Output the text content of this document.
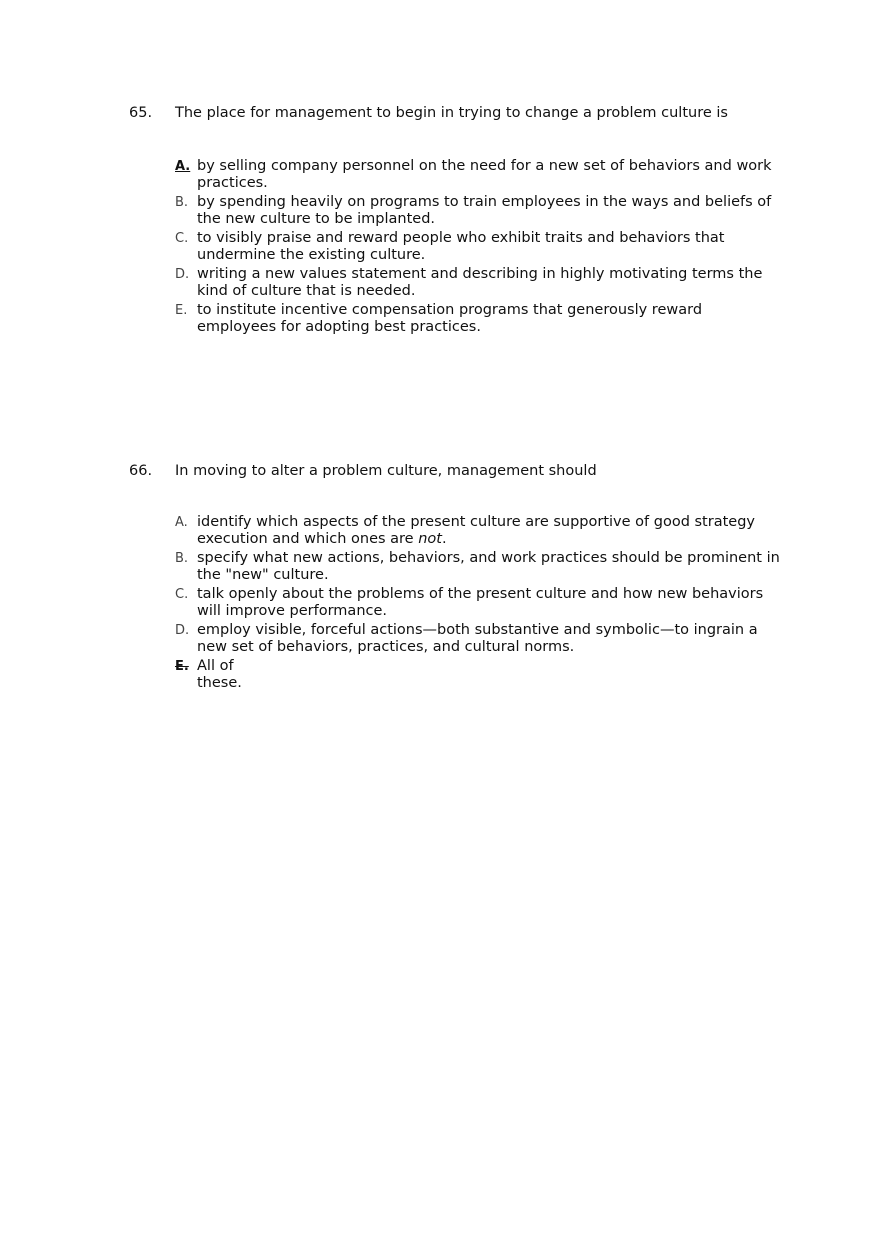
65. The place for management to begin in trying to change a problem culture is
A. by selling company personnel on the need for a new set of behaviors and work practices.
B. by spending heavily on programs to train employees in the ways and beliefs of the new culture to be implanted.
C. to visibly praise and reward people who exhibit traits and behaviors that undermine the existing culture.
D. writing a new values statement and describing in highly motivating terms the kind of culture that is needed.
E. to institute incentive compensation programs that generously reward employees for adopting best practices.
66. In moving to alter a problem culture, management should
A. identify which aspects of the present culture are supportive of good strategy execution and which ones are not.
B. specify what new actions, behaviors, and work practices should be prominent in the "new" culture.
C. talk openly about the problems of the present culture and how new behaviors will improve performance.
D. employ visible, forceful actions—both substantive and symbolic—to ingrain a new set of behaviors, practices, and cultural norms.
E. All of these.
